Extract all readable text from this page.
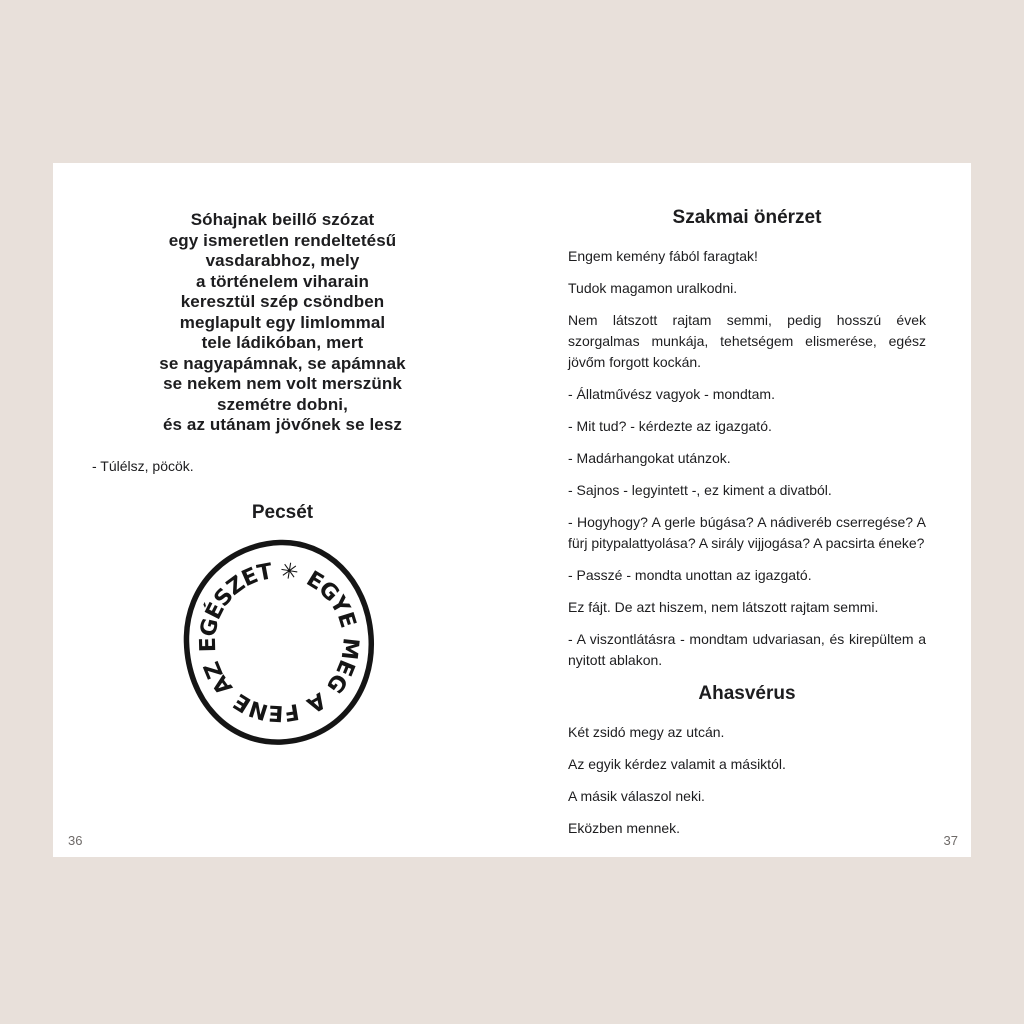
Sóhajnak beillő szózat
egy ismeretlen rendeltetésű
vasdarabhoz, mely
a történelem viharain
keresztül szép csöndben
meglapult egy limlommal
tele ládikóban, mert
se nagyapámnak, se apámnak
se nekem nem volt merszünk
szemétre dobni,
és az utánam jövőnek se lesz

- Túlélsz, pöcök.

Pecsét
✳ EGYE MEG A FENE AZ EGÉSZET
36
Szakmai önérzet

Engem kemény fából faragtak!

Tudok magamon uralkodni.

Nem látszott rajtam semmi, pedig hosszú évek szorgalmas munkája, tehetségem elismerése, egész jövőm forgott kockán.

- Állatművész vagyok - mondtam.

- Mit tud? - kérdezte az igazgató.

- Madárhangokat utánzok.

- Sajnos - legyintett -, ez kiment a divatból.

- Hogyhogy? A gerle búgása? A nádiveréb cserregése? A fürj pitypalattyolása? A sirály vijjogása? A pacsirta éneke?

- Passzé - mondta unottan az igazgató.

Ez fájt. De azt hiszem, nem látszott rajtam semmi.

- A viszontlátásra - mondtam udvariasan, és kirepültem a nyitott ablakon.

Ahasvérus

Két zsidó megy az utcán.

Az egyik kérdez valamit a másiktól.

A másik válaszol neki.

Eközben mennek.

37
